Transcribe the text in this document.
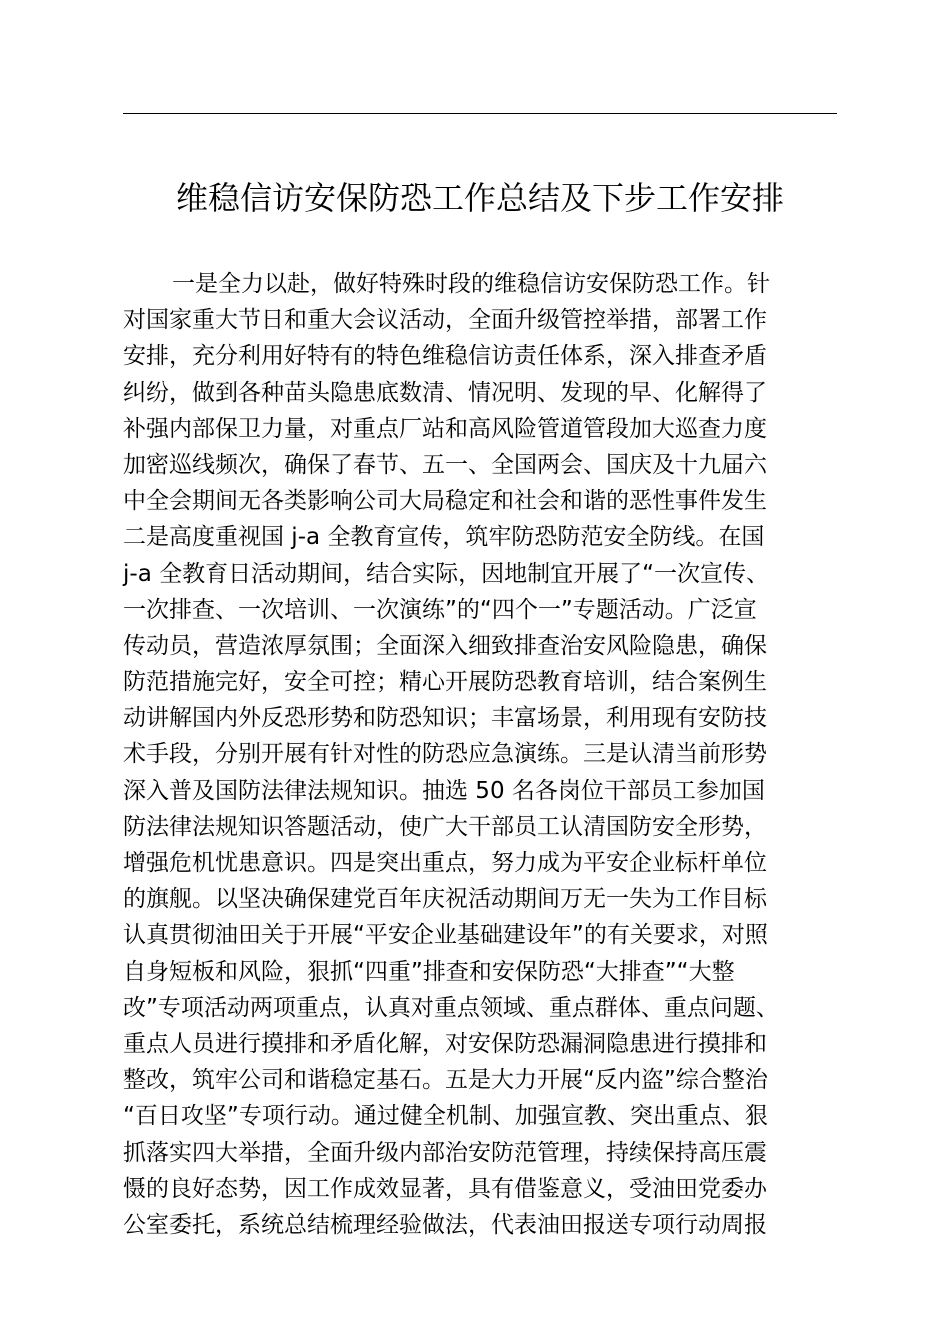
维稳信访安保防恐工作总结及下步工作安排
一是全力以赴，做好特殊时段的维稳信访安保防恐工作。针
对国家重大节日和重大会议活动，全面升级管控举措，部署工作
安排，充分利用好特有的特色维稳信访责任体系，深入排查矛盾
纠纷，做到各种苗头隐患底数清、情况明、发现的早、化解得了
补强内部保卫力量，对重点厂站和高风险管道管段加大巡查力度
加密巡线频次，确保了春节、五一、全国两会、国庆及十九届六
中全会期间无各类影响公司大局稳定和社会和谐的恶性事件发生
二是高度重视国 j-a 全教育宣传，筑牢防恐防范安全防线。在国
j-a 全教育日活动期间，结合实际，因地制宜开展了“一次宣传、
一次排查、一次培训、一次演练”的“四个一”专题活动。广泛宣
传动员，营造浓厚氛围；全面深入细致排查治安风险隐患，确保
防范措施完好，安全可控；精心开展防恐教育培训，结合案例生
动讲解国内外反恐形势和防恐知识；丰富场景，利用现有安防技
术手段，分别开展有针对性的防恐应急演练。三是认清当前形势
深入普及国防法律法规知识。抽选 50 名各岗位干部员工参加国
防法律法规知识答题活动，使广大干部员工认清国防安全形势，
增强危机忧患意识。四是突出重点，努力成为平安企业标杆单位
的旗舰。以坚决确保建党百年庆祝活动期间万无一失为工作目标
认真贯彻油田关于开展“平安企业基础建设年”的有关要求，对照
自身短板和风险，狠抓“四重”排查和安保防恐“大排查”“大整
改”专项活动两项重点，认真对重点领域、重点群体、重点问题、
重点人员进行摸排和矛盾化解，对安保防恐漏洞隐患进行摸排和
整改，筑牢公司和谐稳定基石。五是大力开展“反内盗”综合整治
“百日攻坚”专项行动。通过健全机制、加强宣教、突出重点、狠
抓落实四大举措，全面升级内部治安防范管理，持续保持高压震
慑的良好态势，因工作成效显著，具有借鉴意义，受油田党委办
公室委托，系统总结梳理经验做法，代表油田报送专项行动周报
